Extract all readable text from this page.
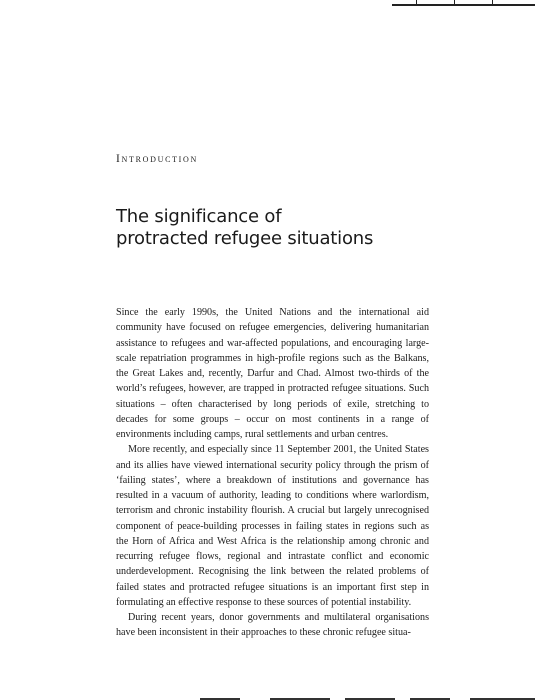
Introduction
The significance of
protracted refugee situations

Since the early 1990s, the United Nations and the international aid community have focused on refugee emergencies, delivering humanitarian assistance to refugees and war-affected populations, and encouraging large-scale repatriation programmes in high-profile regions such as the Balkans, the Great Lakes and, recently, Darfur and Chad. Almost two-thirds of the world’s refugees, however, are trapped in protracted refugee situations. Such situations – often characterised by long periods of exile, stretching to decades for some groups – occur on most continents in a range of environments including camps, rural settlements and urban centres.

More recently, and especially since 11 September 2001, the United States and its allies have viewed international security policy through the prism of ‘failing states’, where a breakdown of institutions and governance has resulted in a vacuum of authority, leading to conditions where warlordism, terrorism and chronic instability flourish. A crucial but largely unrecognised component of peace-building processes in failing states in regions such as the Horn of Africa and West Africa is the relationship among chronic and recurring refugee flows, regional and intrastate conflict and economic underdevelopment. Recognising the link between the related problems of failed states and protracted refugee situations is an important first step in formulating an effective response to these sources of potential instability.

During recent years, donor governments and multilateral organisations have been inconsistent in their approaches to these chronic refugee situa-
